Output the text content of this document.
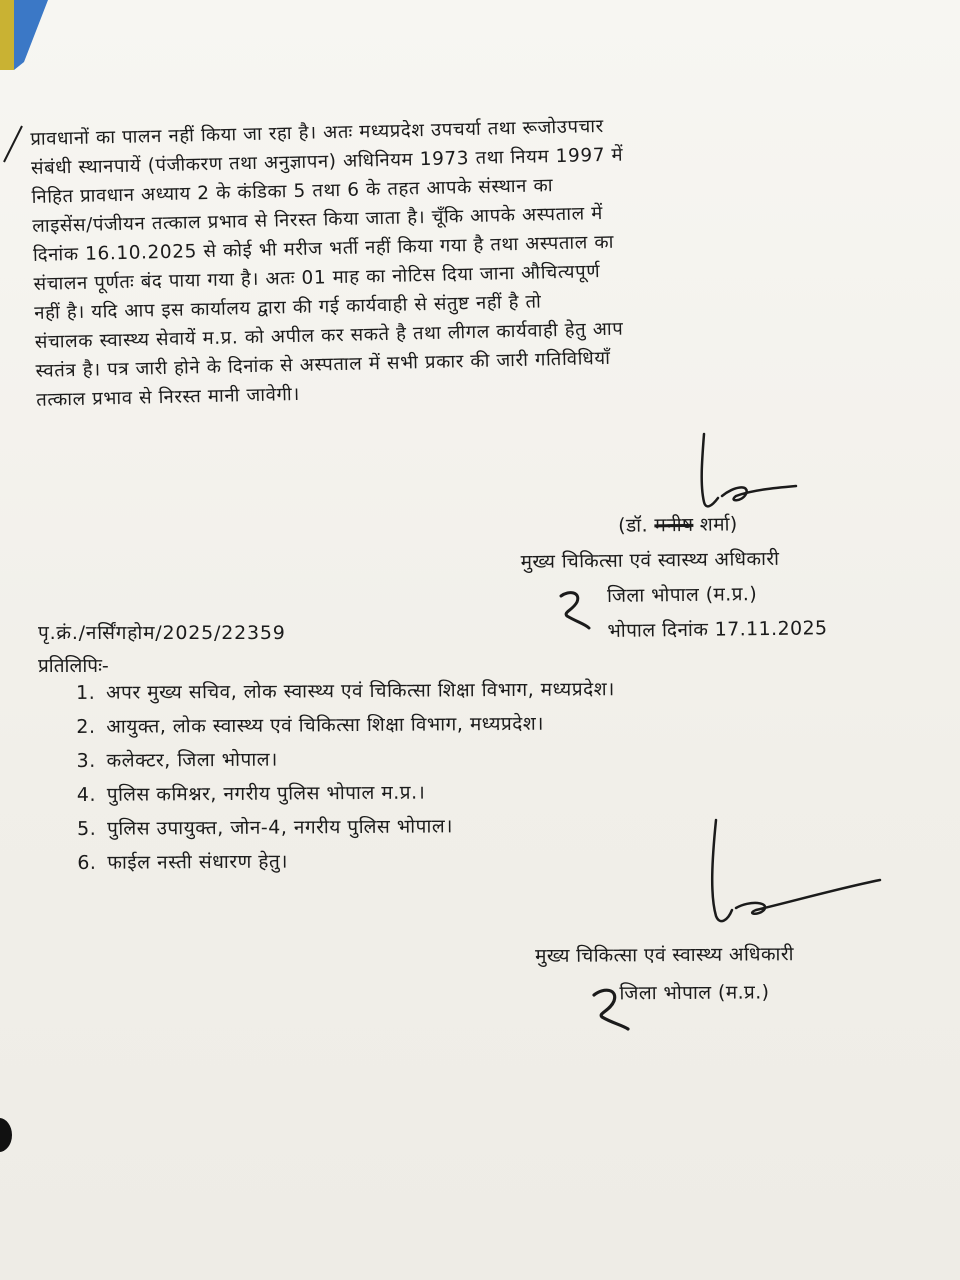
प्रावधानों का पालन नहीं किया जा रहा है। अतः मध्यप्रदेश उपचर्या तथा रूजोउपचार
संबंधी स्थानपायें (पंजीकरण तथा अनुज्ञापन) अधिनियम 1973 तथा नियम 1997 में
निहित प्रावधान अध्याय 2 के कंडिका 5 तथा 6 के तहत आपके संस्थान का
लाइसेंस/पंजीयन तत्काल प्रभाव से निरस्त किया जाता है। चूँकि आपके अस्पताल में
दिनांक 16.10.2025 से कोई भी मरीज भर्ती नहीं किया गया है तथा अस्पताल का
संचालन पूर्णतः बंद पाया गया है। अतः 01 माह का नोटिस दिया जाना औचित्यपूर्ण
नहीं है। यदि आप इस कार्यालय द्वारा की गई कार्यवाही से संतुष्ट नहीं है तो
संचालक स्वास्थ्य सेवायें म.प्र. को अपील कर सकते है तथा लीगल कार्यवाही हेतु आप
स्वतंत्र है। पत्र जारी होने के दिनांक से अस्पताल में सभी प्रकार की जारी गतिविधियाँ
तत्काल प्रभाव से निरस्त मानी जावेगी।
(डॉ. मनीष शर्मा)
मुख्य चिकित्सा एवं स्वास्थ्य अधिकारी
जिला भोपाल (म.प्र.)
भोपाल दिनांक 17.11.2025
पृ.क्रं./नर्सिंगहोम/2025/22359
प्रतिलिपिः-
1. अपर मुख्य सचिव, लोक स्वास्थ्य एवं चिकित्सा शिक्षा विभाग, मध्यप्रदेश।
2. आयुक्त, लोक स्वास्थ्य एवं चिकित्सा शिक्षा विभाग, मध्यप्रदेश।
3. कलेक्टर, जिला भोपाल।
4. पुलिस कमिश्नर, नगरीय पुलिस भोपाल म.प्र.।
5. पुलिस उपायुक्त, जोन-4, नगरीय पुलिस भोपाल।
6. फाईल नस्ती संधारण हेतु।
मुख्य चिकित्सा एवं स्वास्थ्य अधिकारी
जिला भोपाल (म.प्र.)
